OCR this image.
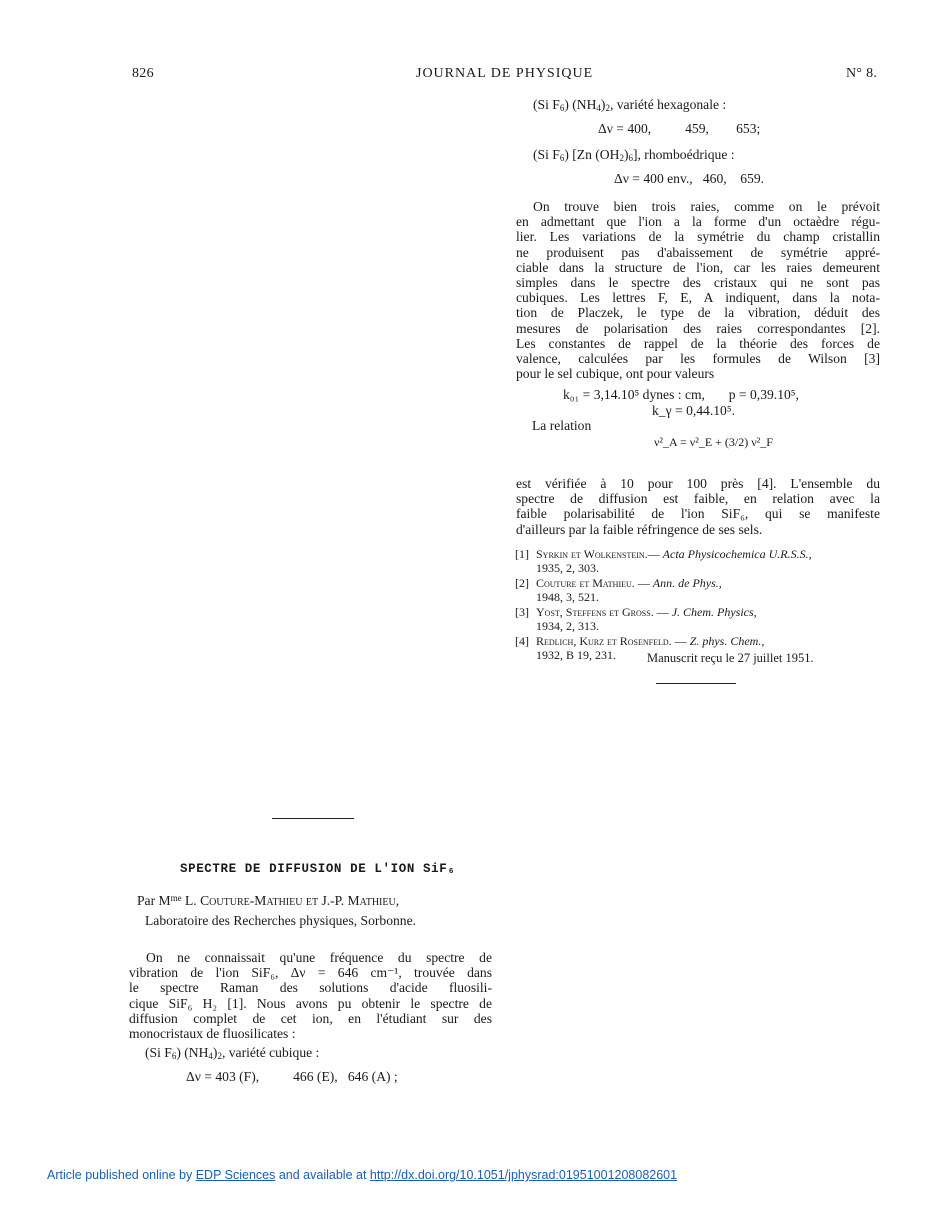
826	JOURNAL DE PHYSIQUE	N° 8.
(Si $F_6$) $(NH_4)_2$, variété hexagonale :
Δν = 400,          459,        653;
(Si $F_6$) [Zn $(OH_2)_6$], rhomboédrique :
Δν = 400 env.,   460,    659.
On trouve bien trois raies, comme on le prévoit
en admettant que l'ion a la forme d'un octaèdre régu-
lier. Les variations de la symétrie du champ cristallin
ne produisent pas d'abaissement de symétrie appré-
ciable dans la structure de l'ion, car les raies demeurent
simples dans le spectre des cristaux qui ne sont pas
cubiques. Les lettres F, E, A indiquent, dans la nota-
tion de Placzek, le type de la vibration, déduit des
mesures de polarisation des raies correspondantes [2].
Les constantes de rappel de la théorie des forces de
valence, calculées par les formules de Wilson [3]
pour le sel cubique, ont pour valeurs
k₀₁ = 3,14.10⁵ dynes : cm,       p = 0,39.10⁵,
k_γ = 0,44.10⁵.
La relation
ν²_A = ν²_E + (3/2) ν²_F
est vérifiée à 10 pour 100 près [4]. L'ensemble du
spectre de diffusion est faible, en relation avec la
faible polarisabilité de l'ion SiF₆, qui se manifeste
d'ailleurs par la faible réfringence de ses sels.
[1] Syrkin et Wolkenstein.— Acta Physicochemica U.R.S.S.,
1935, 2, 303.
[2] Couture et Mathieu. — Ann. de Phys.,
1948, 3, 521.
[3] Yost, Steffens et Gross. — J. Chem. Physics,
1934, 2, 313.
[4] Redlich, Kurz et Rosenfeld. — Z. phys. Chem.,
1932, B 19, 231.	Manuscrit reçu le 27 juillet 1951.
SPECTRE DE DIFFUSION DE L'ION SiF₆
Par $M^{me}$ L. Couture-Mathieu et J.-P. Mathieu,
Laboratoire des Recherches physiques, Sorbonne.
On ne connaissait qu'une fréquence du spectre de
vibration de l'ion SiF₆, Δν = 646 cm⁻¹, trouvée dans
le spectre Raman des solutions d'acide fluosili-
cique SiF₆ H₂ [1]. Nous avons pu obtenir le spectre de
diffusion complet de cet ion, en l'étudiant sur des
monocristaux de fluosilicates :
(Si $F_6$) $(NH_4)_2$, variété cubique :
Δν = 403 (F),          466 (E),   646 (A) ;
Article published online by EDP Sciences and available at http://dx.doi.org/10.1051/jphysrad:01951001208082601
